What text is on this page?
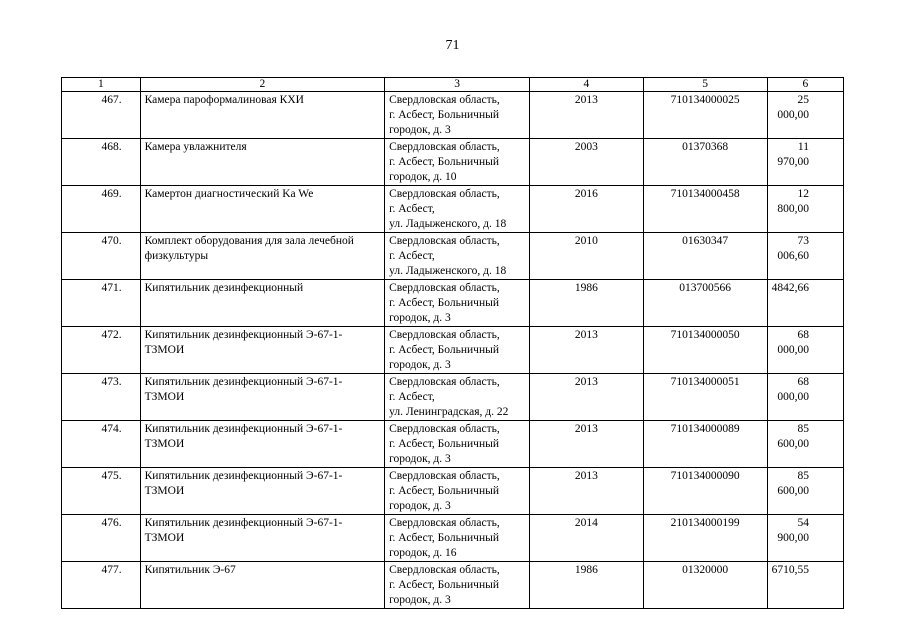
71
1	2	3	4	5	6
467.	Камера пароформалиновая КХИ	Свердловская область,
г. Асбест, Больничный
городок, д. 3	2013	710134000025	25 000,00
468.	Камера увлажнителя	Свердловская область,
г. Асбест, Больничный
городок, д. 10	2003	01370368	11 970,00
469.	Камертон диагностический Ka We	Свердловская область,
г. Асбест,
ул. Ладыженского, д. 18	2016	710134000458	12 800,00
470.	Комплект оборудования для зала лечебной физкультуры	Свердловская область,
г. Асбест,
ул. Ладыженского, д. 18	2010	01630347	73 006,60
471.	Кипятильник дезинфекционный	Свердловская область,
г. Асбест, Больничный
городок, д. 3	1986	013700566	4842,66
472.	Кипятильник дезинфекционный Э-67-1-ТЗМОИ	Свердловская область,
г. Асбест, Больничный
городок, д. 3	2013	710134000050	68 000,00
473.	Кипятильник дезинфекционный Э-67-1-ТЗМОИ	Свердловская область,
г. Асбест,
ул. Ленинградская, д. 22	2013	710134000051	68 000,00
474.	Кипятильник дезинфекционный Э-67-1-ТЗМОИ	Свердловская область,
г. Асбест, Больничный
городок, д. 3	2013	710134000089	85 600,00
475.	Кипятильник дезинфекционный Э-67-1-ТЗМОИ	Свердловская область,
г. Асбест, Больничный
городок, д. 3	2013	710134000090	85 600,00
476.	Кипятильник дезинфекционный Э-67-1-ТЗМОИ	Свердловская область,
г. Асбест, Больничный
городок, д. 16	2014	210134000199	54 900,00
477.	Кипятильник Э-67	Свердловская область,
г. Асбест, Больничный
городок, д. 3	1986	01320000	6710,55
